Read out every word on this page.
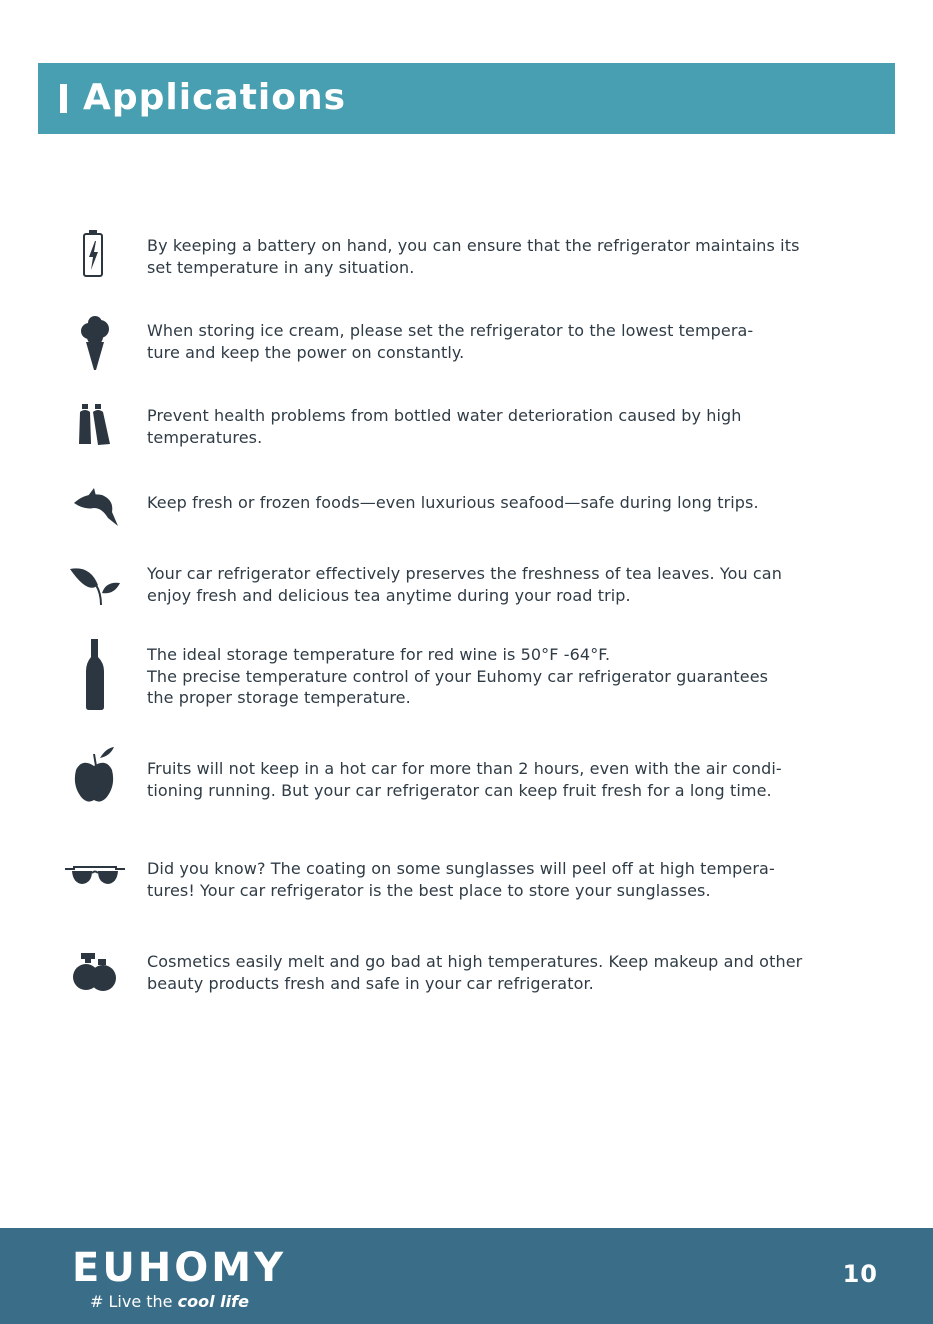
Applications
By keeping a battery on hand, you can ensure that the refrigerator maintains its
set temperature in any situation.
When storing ice cream, please set the refrigerator to the lowest tempera-
ture and keep the power on constantly.
Prevent health problems from bottled water deterioration caused by high
temperatures.
Keep fresh or frozen foods—even luxurious seafood—safe during long trips.
Your car refrigerator effectively preserves the freshness of tea leaves. You can
enjoy fresh and delicious tea anytime during your road trip.
The ideal storage temperature for red wine is 50°F -64°F.
The precise temperature control of your Euhomy car refrigerator guarantees
the proper storage temperature.
Fruits will not keep in a hot car for more than 2 hours, even with the air condi-
tioning running. But your car refrigerator can keep fruit fresh for a long time.
Did you know? The coating on some sunglasses will peel off at high tempera-
tures! Your car refrigerator is the best place to store your sunglasses.
Cosmetics easily melt and go bad at high temperatures. Keep makeup and other
beauty products fresh and safe in your car refrigerator.
EUHOMY
# Live the cool life
10
